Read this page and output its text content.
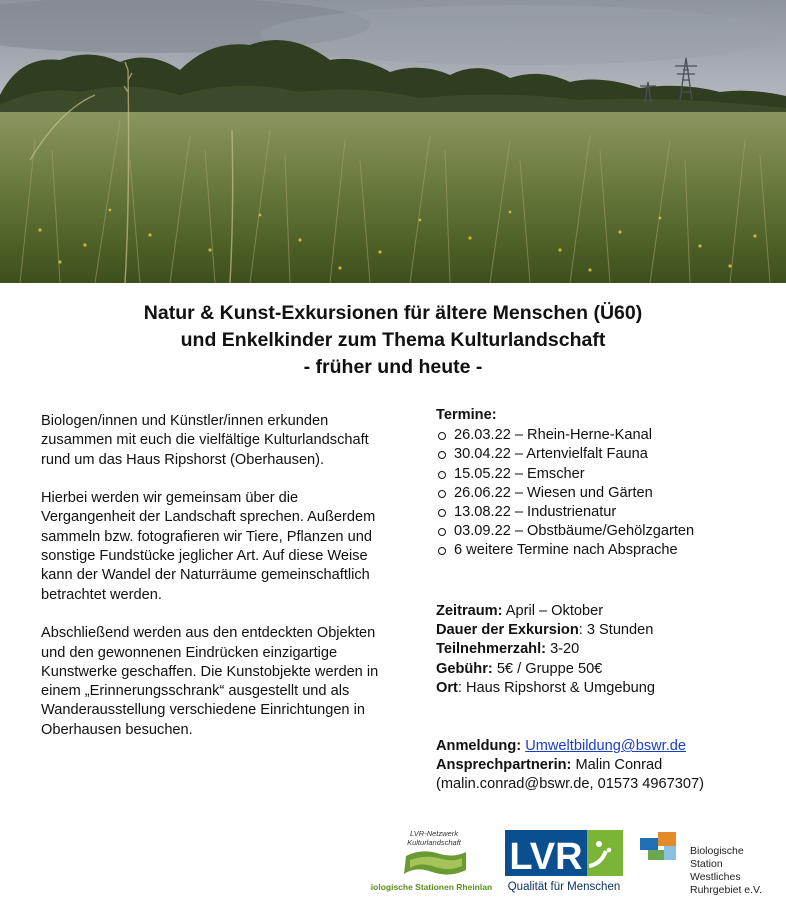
Natur & Kunst-Exkursionen für ältere Menschen (Ü60)

und Enkelkinder zum Thema Kulturlandschaft

- früher und heute -

Biologen/innen und Künstler/innen erkunden zusammen mit euch die vielfältige Kulturlandschaft rund um das Haus Ripshorst (Oberhausen).

Hierbei werden wir gemeinsam über die Vergangenheit der Landschaft sprechen. Außerdem sammeln bzw. fotografieren wir Tiere, Pflanzen und sonstige Fundstücke jeglicher Art. Auf diese Weise kann der Wandel der Naturräume gemeinschaftlich betrachtet werden.

Abschließend werden aus den entdeckten Objekten und den gewonnenen Eindrücken einzigartige Kunstwerke geschaffen. Die Kunstobjekte werden in einem „Erinnerungsschrank“ ausgestellt und als Wanderausstellung verschiedene Einrichtungen in Oberhausen besuchen.

Termine:
26.03.22 – Rhein-Herne-Kanal
30.04.22 – Artenvielfalt Fauna
15.05.22 – Emscher
26.06.22 – Wiesen und Gärten
13.08.22 – Industrienatur
03.09.22 – Obstbäume/Gehölzgarten
6 weitere Termine nach Absprache
Zeitraum: April – Oktober
Dauer der Exkursion: 3 Stunden
Teilnehmerzahl: 3-20
Gebühr: 5€ / Gruppe 50€
Ort: Haus Ripshorst & Umgebung
Anmeldung: Umweltbildung@bswr.de
Ansprechpartnerin: Malin Conrad
(malin.conrad@bswr.de, 01573 4967307)
LVR-Netzwerk
Kulturlandschaft
Biologische Stationen Rheinland
LVR
Qualität für Menschen
Biologische
Station
Westliches
Ruhrgebiet e.V.
